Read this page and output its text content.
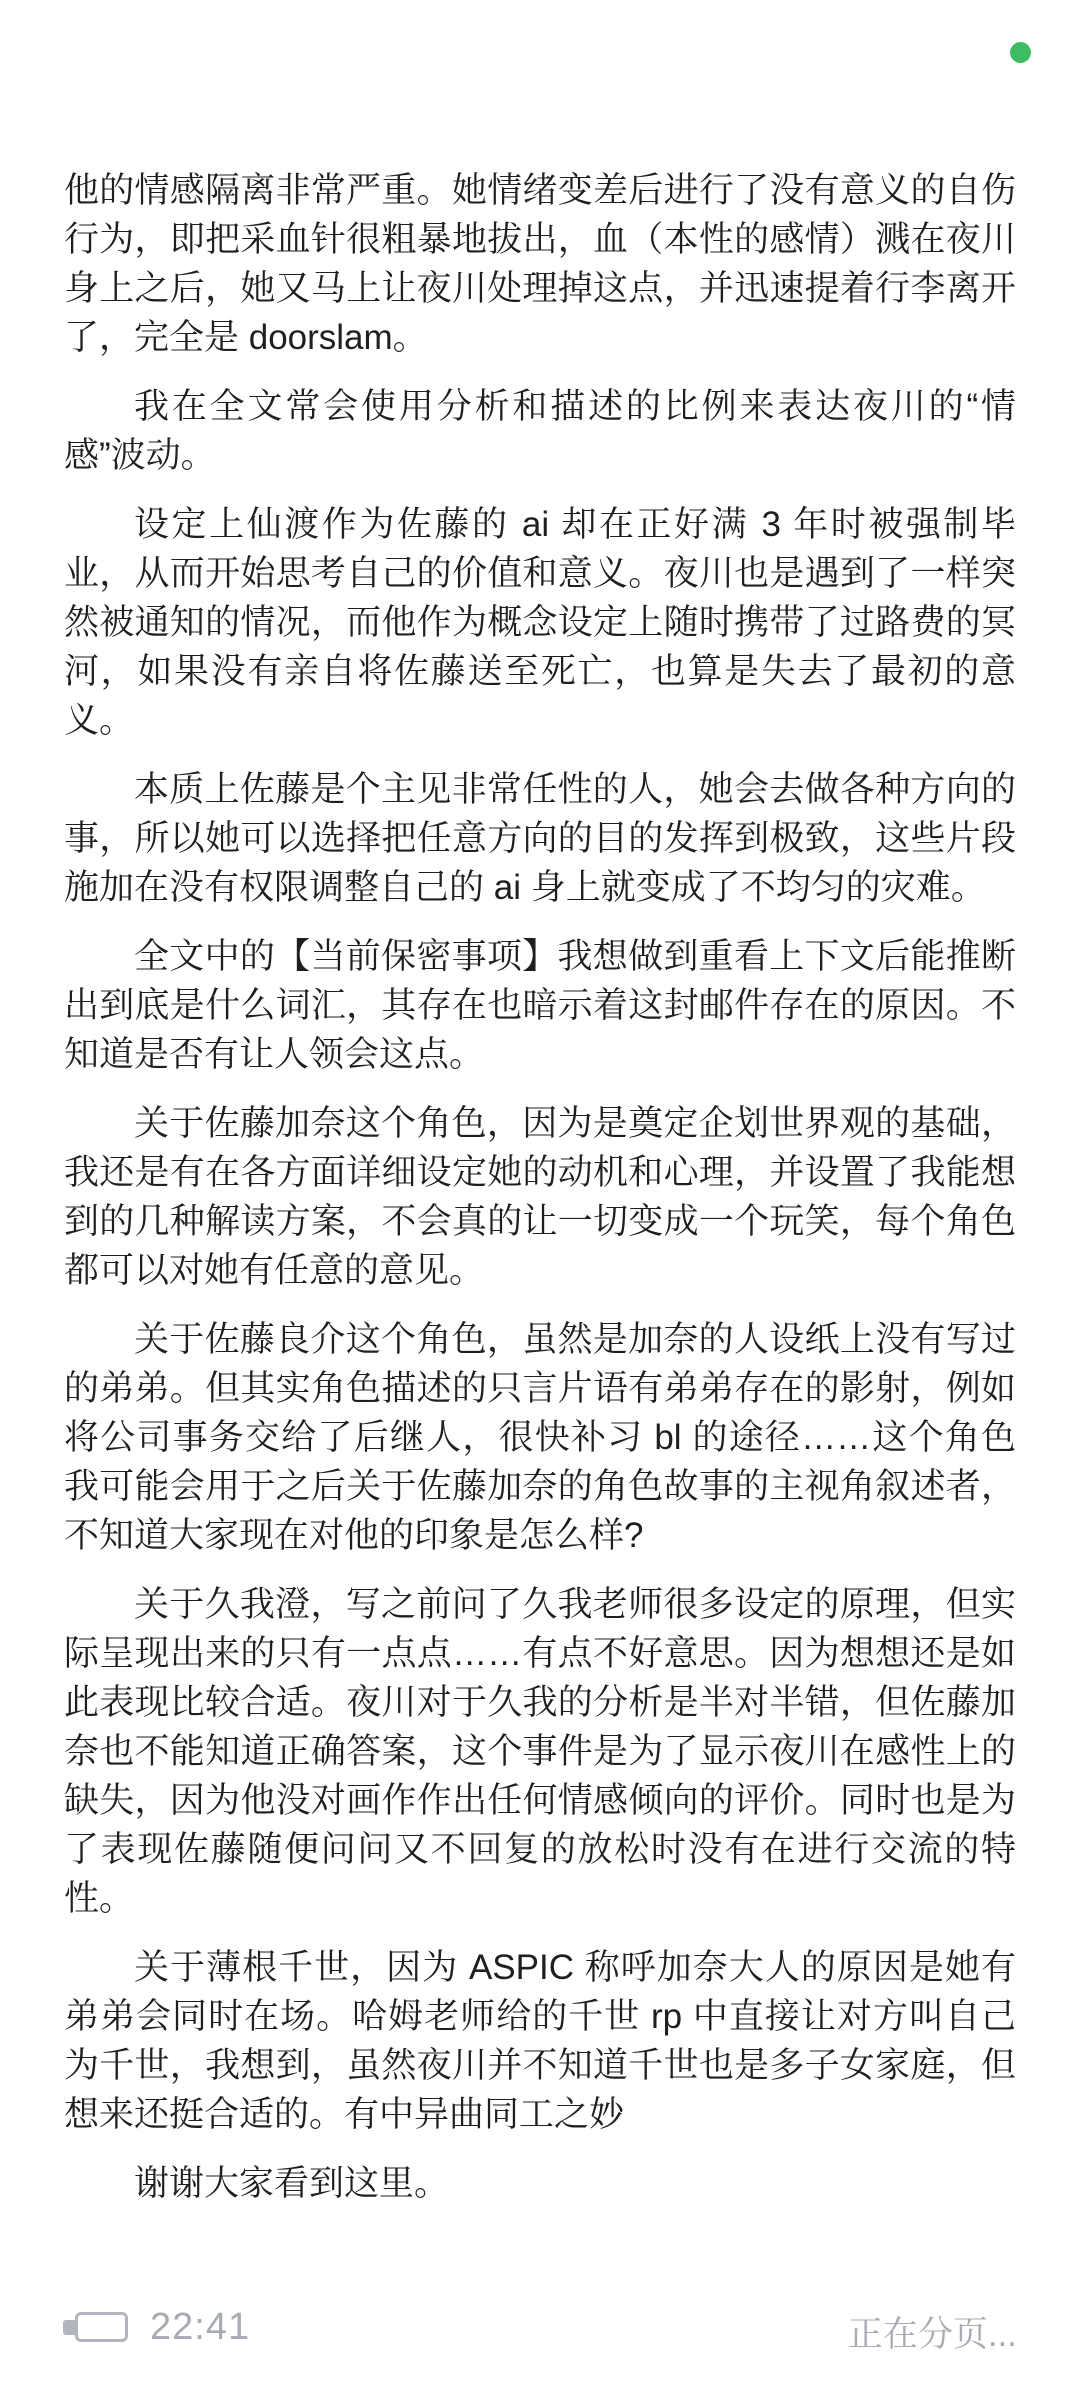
他的情感隔离非常严重。她情绪变差后进行了没有意义的自伤行为，即把采血针很粗暴地拔出，血（本性的感情）溅在夜川身上之后，她又马上让夜川处理掉这点，并迅速提着行李离开了，完全是 doorslam。

我在全文常会使用分析和描述的比例来表达夜川的“情感”波动。

设定上仙渡作为佐藤的 ai 却在正好满 3 年时被强制毕业，从而开始思考自己的价值和意义。夜川也是遇到了一样突然被通知的情况，而他作为概念设定上随时携带了过路费的冥河，如果没有亲自将佐藤送至死亡，也算是失去了最初的意义。

本质上佐藤是个主见非常任性的人，她会去做各种方向的事，所以她可以选择把任意方向的目的发挥到极致，这些片段施加在没有权限调整自己的 ai 身上就变成了不均匀的灾难。

全文中的【当前保密事项】我想做到重看上下文后能推断出到底是什么词汇，其存在也暗示着这封邮件存在的原因。不知道是否有让人领会这点。

关于佐藤加奈这个角色，因为是奠定企划世界观的基础，我还是有在各方面详细设定她的动机和心理，并设置了我能想到的几种解读方案，不会真的让一切变成一个玩笑，每个角色都可以对她有任意的意见。

关于佐藤良介这个角色，虽然是加奈的人设纸上没有写过的弟弟。但其实角色描述的只言片语有弟弟存在的影射，例如将公司事务交给了后继人，很快补习 bl 的途径……这个角色我可能会用于之后关于佐藤加奈的角色故事的主视角叙述者，不知道大家现在对他的印象是怎么样?

关于久我澄，写之前问了久我老师很多设定的原理，但实际呈现出来的只有一点点……有点不好意思。因为想想还是如此表现比较合适。夜川对于久我的分析是半对半错，但佐藤加奈也不能知道正确答案，这个事件是为了显示夜川在感性上的缺失，因为他没对画作作出任何情感倾向的评价。同时也是为了表现佐藤随便问问又不回复的放松时没有在进行交流的特性。

关于薄根千世，因为 ASPIC 称呼加奈大人的原因是她有弟弟会同时在场。哈姆老师给的千世 rp 中直接让对方叫自己为千世，我想到，虽然夜川并不知道千世也是多子女家庭，但想来还挺合适的。有中异曲同工之妙

谢谢大家看到这里。

22:41	正在分页...
